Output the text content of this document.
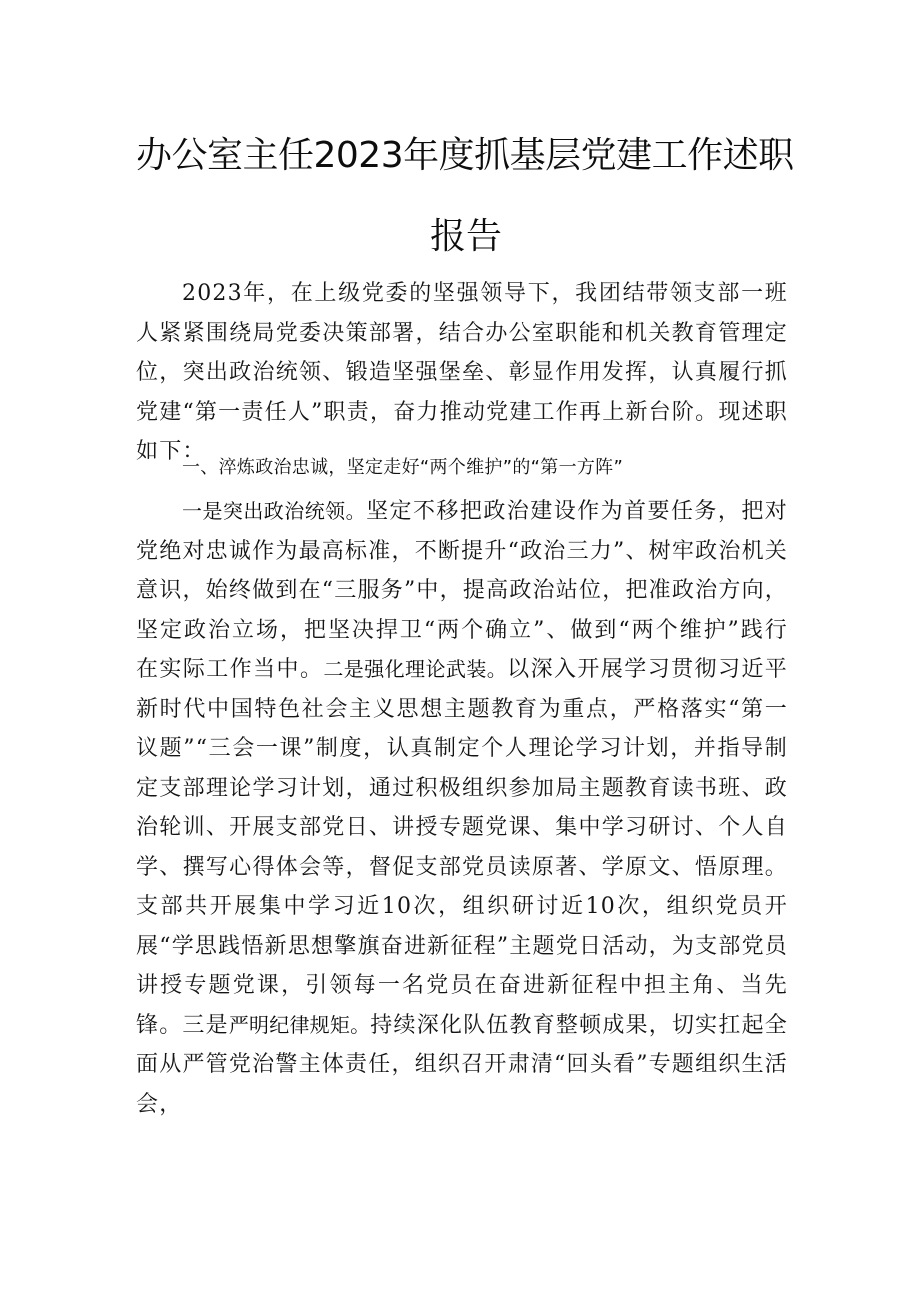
办公室主任2023年度抓基层党建工作述职
报告

2023年，在上级党委的坚强领导下，我团结带领支部一班人紧紧围绕局党委决策部署，结合办公室职能和机关教育管理定位，突出政治统领、锻造坚强堡垒、彰显作用发挥，认真履行抓党建“第一责任人”职责，奋力推动党建工作再上新台阶。现述职如下：

一、淬炼政治忠诚，坚定走好“两个维护”的“第一方阵”

一是突出政治统领。坚定不移把政治建设作为首要任务，把对党绝对忠诚作为最高标准，不断提升“政治三力”、树牢政治机关意识，始终做到在“三服务”中，提高政治站位，把准政治方向，坚定政治立场，把坚决捍卫“两个确立”、做到“两个维护”践行在实际工作当中。二是强化理论武装。以深入开展学习贯彻习近平新时代中国特色社会主义思想主题教育为重点，严格落实“第一议题”“三会一课”制度，认真制定个人理论学习计划，并指导制定支部理论学习计划，通过积极组织参加局主题教育读书班、政治轮训、开展支部党日、讲授专题党课、集中学习研讨、个人自学、撰写心得体会等，督促支部党员读原著、学原文、悟原理。支部共开展集中学习近10次，组织研讨近10次，组织党员开展“学思践悟新思想擎旗奋进新征程”主题党日活动，为支部党员讲授专题党课，引领每一名党员在奋进新征程中担主角、当先锋。三是严明纪律规矩。持续深化队伍教育整顿成果，切实扛起全面从严管党治警主体责任，组织召开肃清“回头看”专题组织生活会，
